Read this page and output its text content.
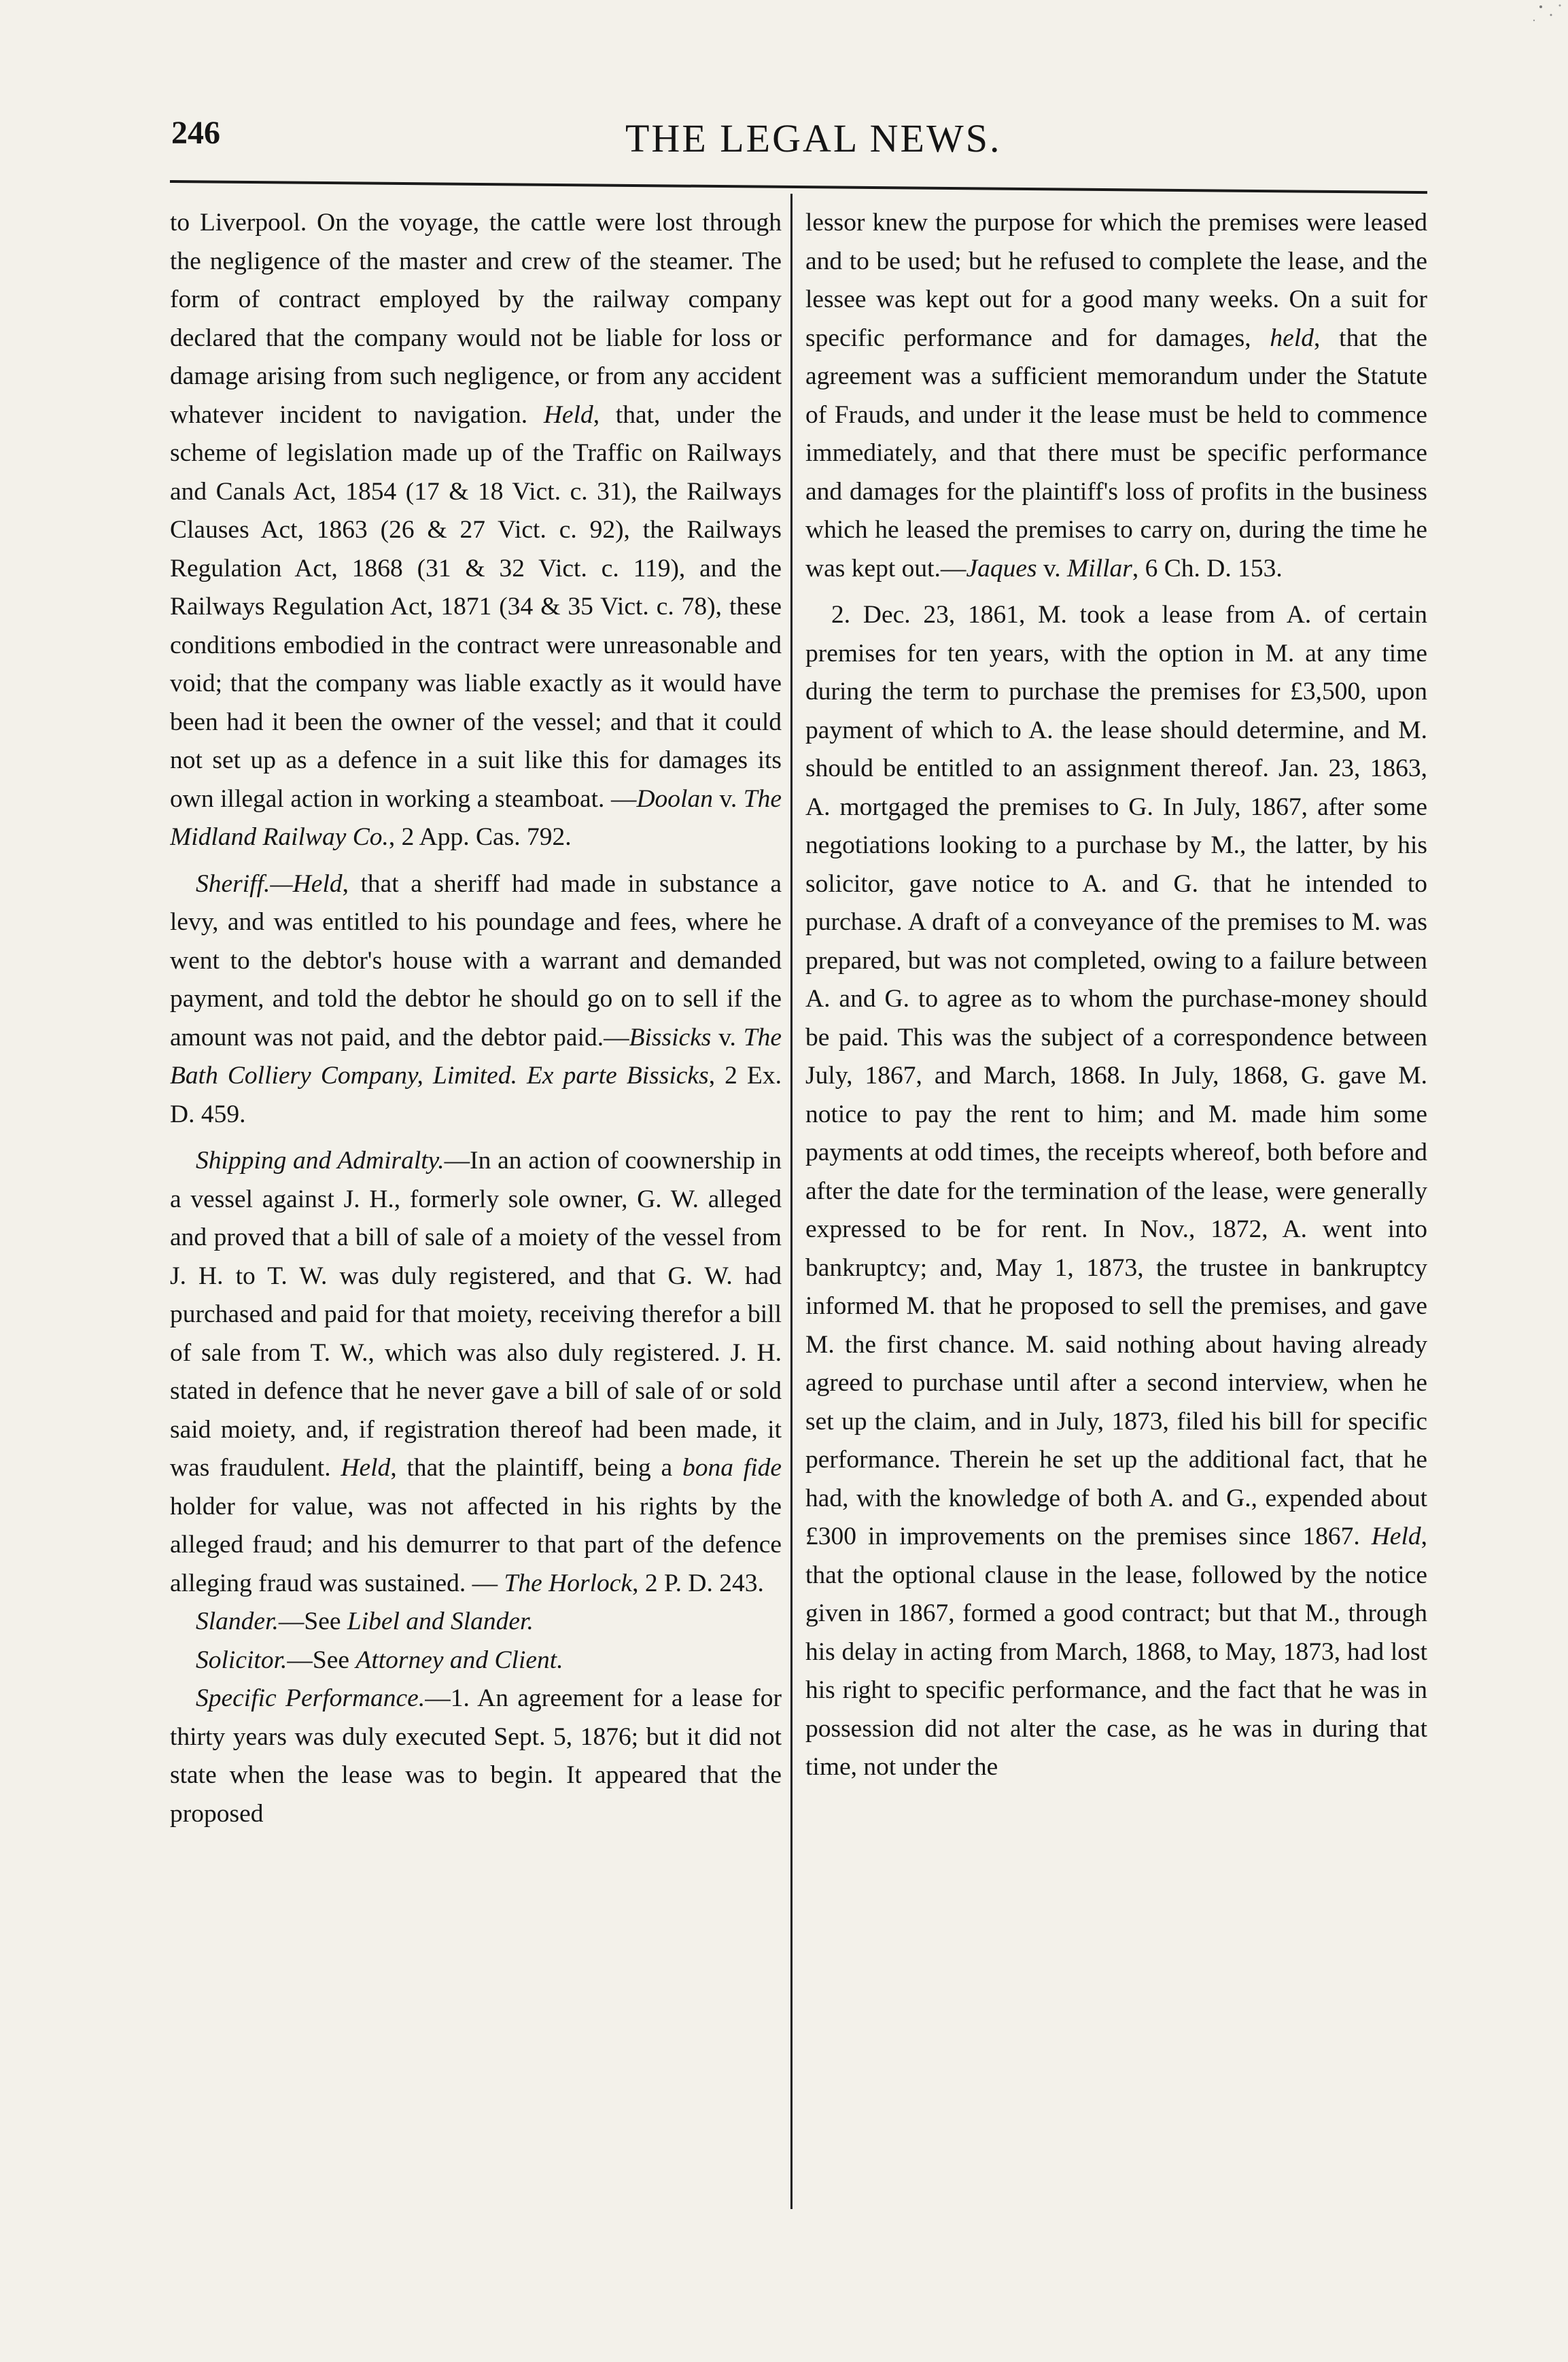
246	THE LEGAL NEWS.

to Liverpool. On the voyage, the cattle were lost through the negligence of the master and crew of the steamer. The form of contract employed by the railway company declared that the company would not be liable for loss or damage arising from such negligence, or from any accident whatever incident to navigation. Held, that, under the scheme of legislation made up of the Traffic on Railways and Canals Act, 1854 (17 & 18 Vict. c. 31), the Railways Clauses Act, 1863 (26 & 27 Vict. c. 92), the Railways Regulation Act, 1868 (31 & 32 Vict. c. 119), and the Railways Regulation Act, 1871 (34 & 35 Vict. c. 78), these conditions embodied in the contract were unreasonable and void; that the company was liable exactly as it would have been had it been the owner of the vessel; and that it could not set up as a defence in a suit like this for damages its own illegal action in working a steamboat. —Doolan v. The Midland Railway Co., 2 App. Cas. 792.

Sheriff.—Held, that a sheriff had made in substance a levy, and was entitled to his poundage and fees, where he went to the debtor's house with a warrant and demanded payment, and told the debtor he should go on to sell if the amount was not paid, and the debtor paid.—Bissicks v. The Bath Colliery Company, Limited. Ex parte Bissicks, 2 Ex. D. 459.

Shipping and Admiralty.—In an action of coownership in a vessel against J. H., formerly sole owner, G. W. alleged and proved that a bill of sale of a moiety of the vessel from J. H. to T. W. was duly registered, and that G. W. had purchased and paid for that moiety, receiving therefor a bill of sale from T. W., which was also duly registered. J. H. stated in defence that he never gave a bill of sale of or sold said moiety, and, if registration thereof had been made, it was fraudulent. Held, that the plaintiff, being a bona fide holder for value, was not affected in his rights by the alleged fraud; and his demurrer to that part of the defence alleging fraud was sustained. — The Horlock, 2 P. D. 243.

Slander.—See Libel and Slander.

Solicitor.—See Attorney and Client.

Specific Performance.—1. An agreement for a lease for thirty years was duly executed Sept. 5, 1876; but it did not state when the lease was to begin. It appeared that the proposed

lessor knew the purpose for which the premises were leased and to be used; but he refused to complete the lease, and the lessee was kept out for a good many weeks. On a suit for specific performance and for damages, held, that the agreement was a sufficient memorandum under the Statute of Frauds, and under it the lease must be held to commence immediately, and that there must be specific performance and damages for the plaintiff's loss of profits in the business which he leased the premises to carry on, during the time he was kept out.—Jaques v. Millar, 6 Ch. D. 153.

2. Dec. 23, 1861, M. took a lease from A. of certain premises for ten years, with the option in M. at any time during the term to purchase the premises for £3,500, upon payment of which to A. the lease should determine, and M. should be entitled to an assignment thereof. Jan. 23, 1863, A. mortgaged the premises to G. In July, 1867, after some negotiations looking to a purchase by M., the latter, by his solicitor, gave notice to A. and G. that he intended to purchase. A draft of a conveyance of the premises to M. was prepared, but was not completed, owing to a failure between A. and G. to agree as to whom the purchase-money should be paid. This was the subject of a correspondence between July, 1867, and March, 1868. In July, 1868, G. gave M. notice to pay the rent to him; and M. made him some payments at odd times, the receipts whereof, both before and after the date for the termination of the lease, were generally expressed to be for rent. In Nov., 1872, A. went into bankruptcy; and, May 1, 1873, the trustee in bankruptcy informed M. that he proposed to sell the premises, and gave M. the first chance. M. said nothing about having already agreed to purchase until after a second interview, when he set up the claim, and in July, 1873, filed his bill for specific performance. Therein he set up the additional fact, that he had, with the knowledge of both A. and G., expended about £300 in improvements on the premises since 1867. Held, that the optional clause in the lease, followed by the notice given in 1867, formed a good contract; but that M., through his delay in acting from March, 1868, to May, 1873, had lost his right to specific performance, and the fact that he was in possession did not alter the case, as he was in during that time, not under the
